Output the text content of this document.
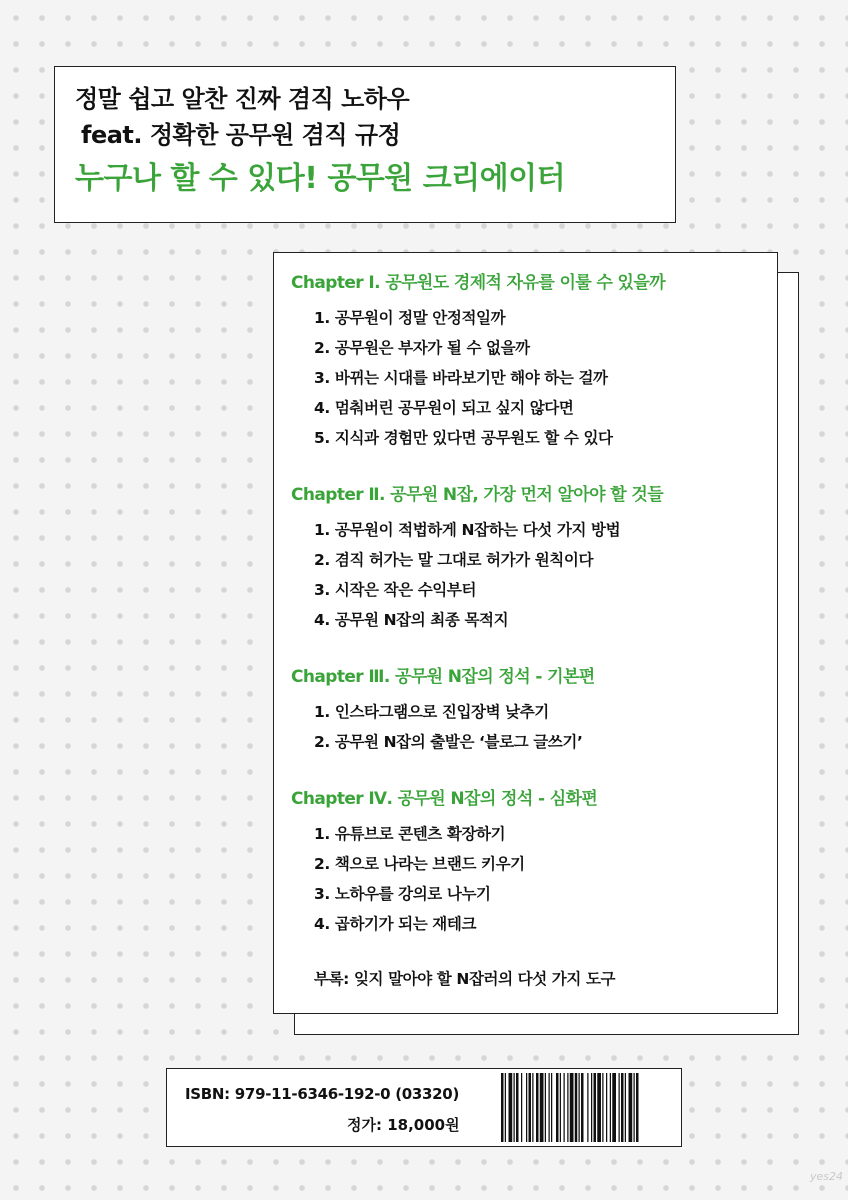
정말 쉽고 알찬 진짜 겸직 노하우
feat. 정확한 공무원 겸직 규정
누구나 할 수 있다! 공무원 크리에이터
Chapter Ⅰ. 공무원도 경제적 자유를 이룰 수 있을까
1. 공무원이 정말 안정적일까
2. 공무원은 부자가 될 수 없을까
3. 바뀌는 시대를 바라보기만 해야 하는 걸까
4. 멈춰버린 공무원이 되고 싶지 않다면
5. 지식과 경험만 있다면 공무원도 할 수 있다
Chapter Ⅱ. 공무원 N잡, 가장 먼저 알아야 할 것들
1. 공무원이 적법하게 N잡하는 다섯 가지 방법
2. 겸직 허가는 말 그대로 허가가 원칙이다
3. 시작은 작은 수익부터
4. 공무원 N잡의 최종 목적지
Chapter Ⅲ. 공무원 N잡의 정석 - 기본편
1. 인스타그램으로 진입장벽 낮추기
2. 공무원 N잡의 출발은 ‘블로그 글쓰기’
Chapter Ⅳ. 공무원 N잡의 정석 - 심화편
1. 유튜브로 콘텐츠 확장하기
2. 책으로 나라는 브랜드 키우기
3. 노하우를 강의로 나누기
4. 곱하기가 되는 재테크
부록: 잊지 말아야 할 N잡러의 다섯 가지 도구
ISBN: 979-11-6346-192-0 (03320)
정가: 18,000원
yes24
